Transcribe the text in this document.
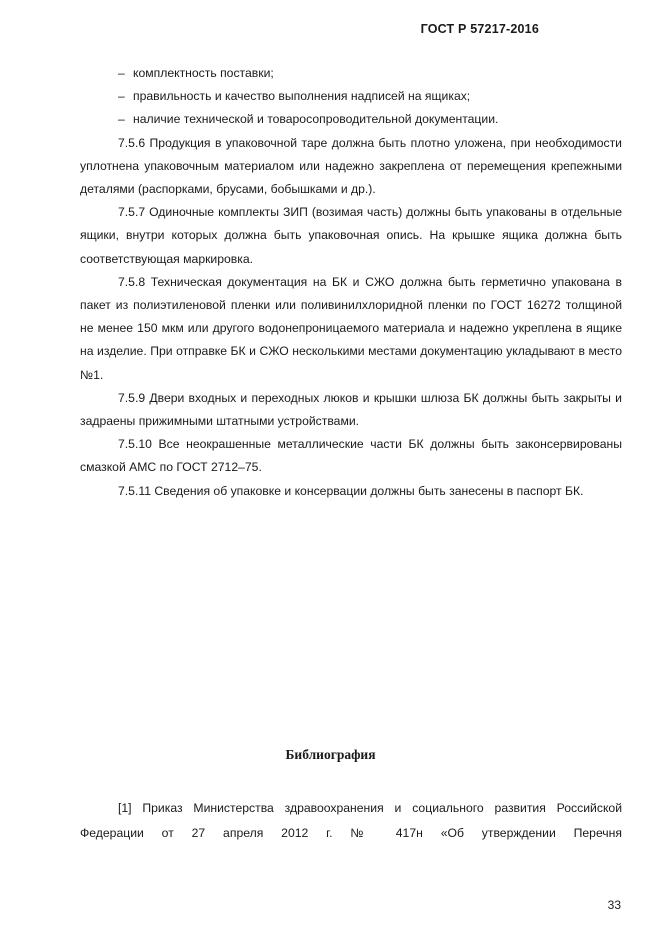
ГОСТ Р 57217-2016

– комплектность поставки;

– правильность и качество выполнения надписей на ящиках;

– наличие технической и товаросопроводительной документации.

7.5.6 Продукция в упаковочной таре должна быть плотно уложена, при необходимости уплотнена упаковочным материалом или надежно закреплена от перемещения крепежными деталями (распорками, брусами, бобышками и др.).

7.5.7 Одиночные комплекты ЗИП (возимая часть) должны быть упакованы в отдельные ящики, внутри которых должна быть упаковочная опись. На крышке ящика должна быть соответствующая маркировка.

7.5.8 Техническая документация на БК и СЖО должна быть герметично упакована в пакет из полиэтиленовой пленки или поливинилхлоридной пленки по ГОСТ 16272 толщиной не менее 150 мкм или другого водонепроницаемого материала и надежно укреплена в ящике на изделие. При отправке БК и СЖО несколькими местами документацию укладывают в место №1.

7.5.9 Двери входных и переходных люков и крышки шлюза БК должны быть закрыты и задраены прижимными штатными устройствами.

7.5.10 Все неокрашенные металлические части БК должны быть законсервированы смазкой АМС по ГОСТ 2712–75.

7.5.11 Сведения об упаковке и консервации должны быть занесены в паспорт БК.

Библиография

[1] Приказ Министерства здравоохранения и социального развития Российской Федерации от 27 апреля 2012 г. № 417н «Об утверждении Перечня

33
